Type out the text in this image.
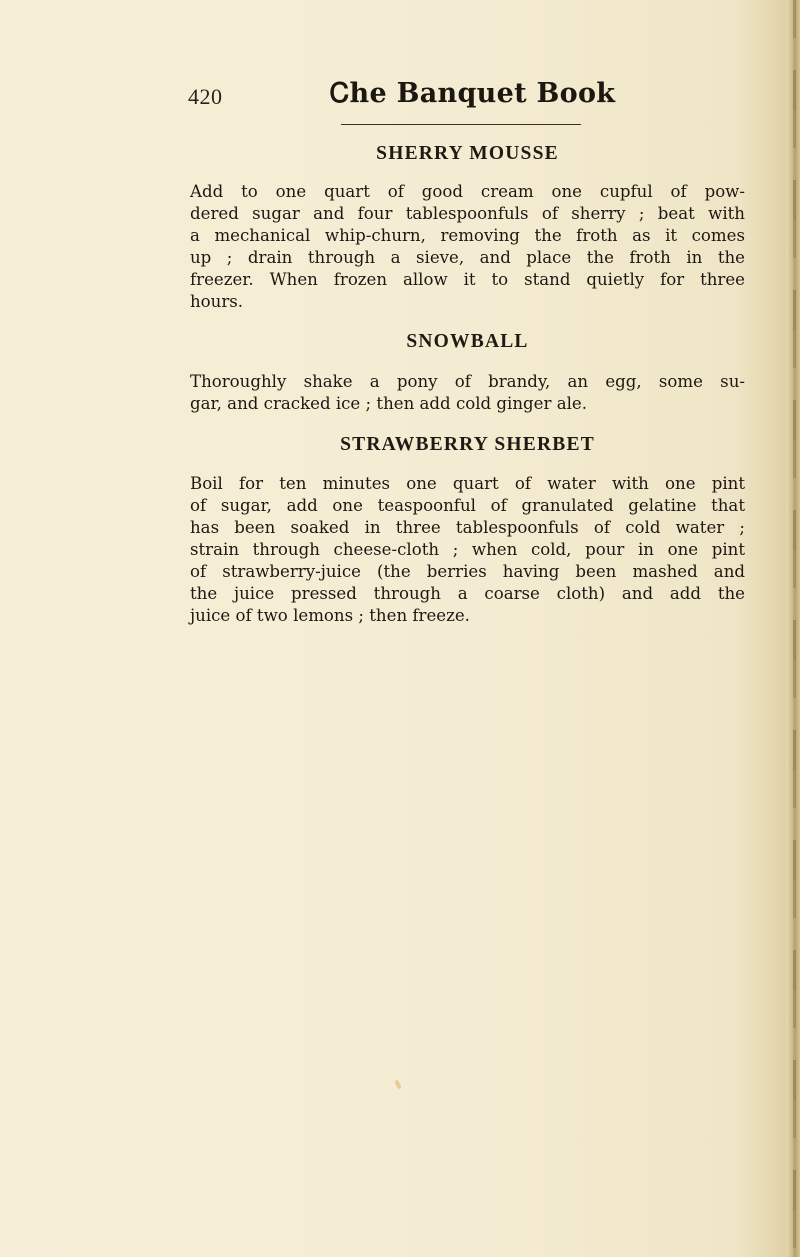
420	Ꮯhe Banquet Book
SHERRY MOUSSE
Add to one quart of good cream one cupful of pow-
dered sugar and four tablespoonfuls of sherry ; beat with
a mechanical whip-churn, removing the froth as it comes
up ; drain through a sieve, and place the froth in the
freezer. When frozen allow it to stand quietly for three
hours.
SNOWBALL
Thoroughly shake a pony of brandy, an egg, some su-
gar, and cracked ice ; then add cold ginger ale.
STRAWBERRY SHERBET
Boil for ten minutes one quart of water with one pint
of sugar, add one teaspoonful of granulated gelatine that
has been soaked in three tablespoonfuls of cold water ;
strain through cheese-cloth ; when cold, pour in one pint
of strawberry-juice (the berries having been mashed and
the juice pressed through a coarse cloth) and add the
juice of two lemons ; then freeze.
